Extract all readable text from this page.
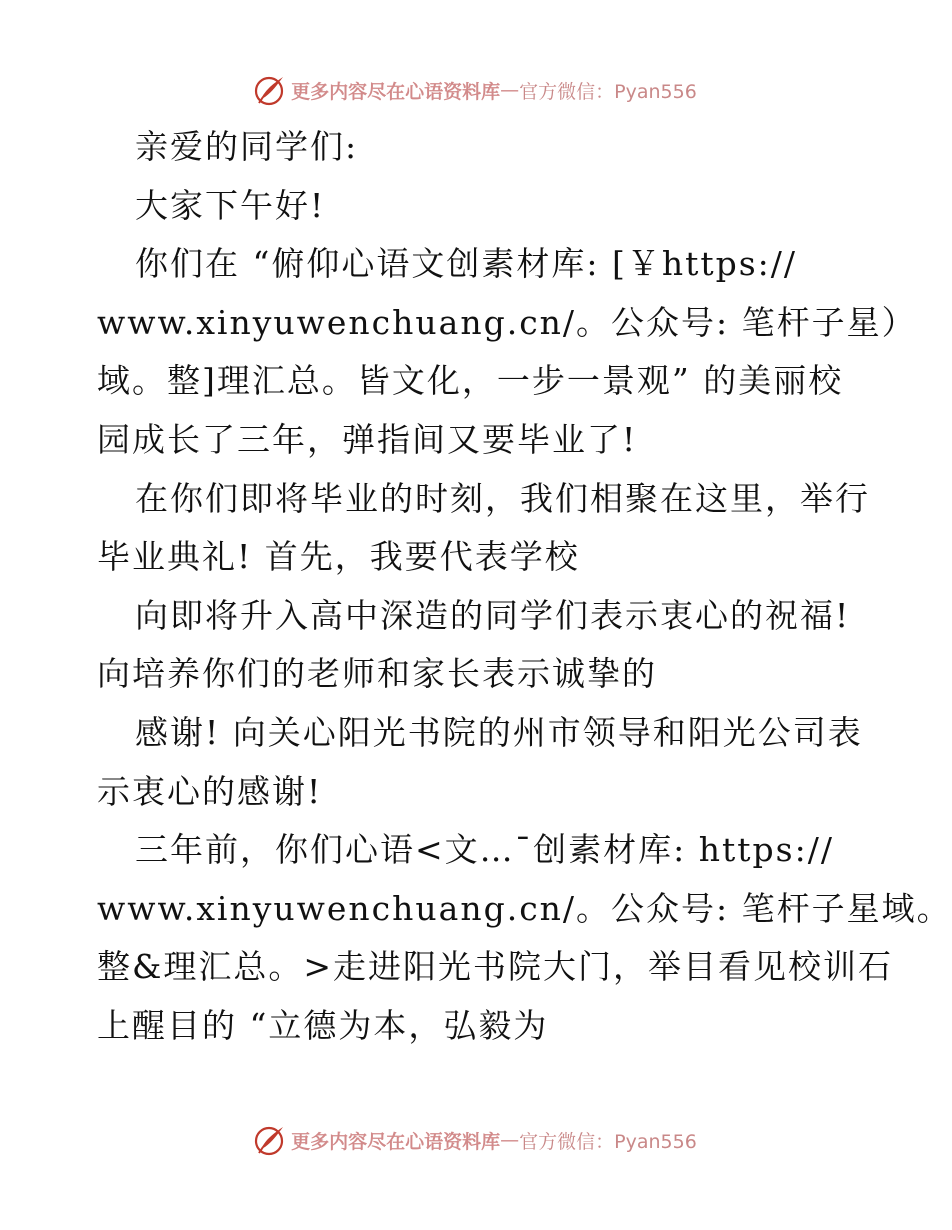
更多内容尽在心语资料库 — 官方微信：Pyan556
亲爱的同学们:
大家下午好!
你们在 “俯仰心语文创素材库: [￥https://
www.xinyuwenchuang.cn/。公众号: 笔杆子星）
域。整]理汇总。皆文化，一步一景观” 的美丽校
园成长了三年，弹指间又要毕业了!
在你们即将毕业的时刻，我们相聚在这里，举行
毕业典礼! 首先，我要代表学校
向即将升入高中深造的同学们表示衷心的祝福!
向培养你们的老师和家长表示诚挚的
感谢! 向关心阳光书院的州市领导和阳光公司表
示衷心的感谢!
三年前，你们心语<文…¯创素材库: https://
www.xinyuwenchuang.cn/。公众号: 笔杆子星域。
整&理汇总。>走进阳光书院大门，举目看见校训石
上醒目的 “立德为本，弘毅为
更多内容尽在心语资料库 — 官方微信：Pyan556
